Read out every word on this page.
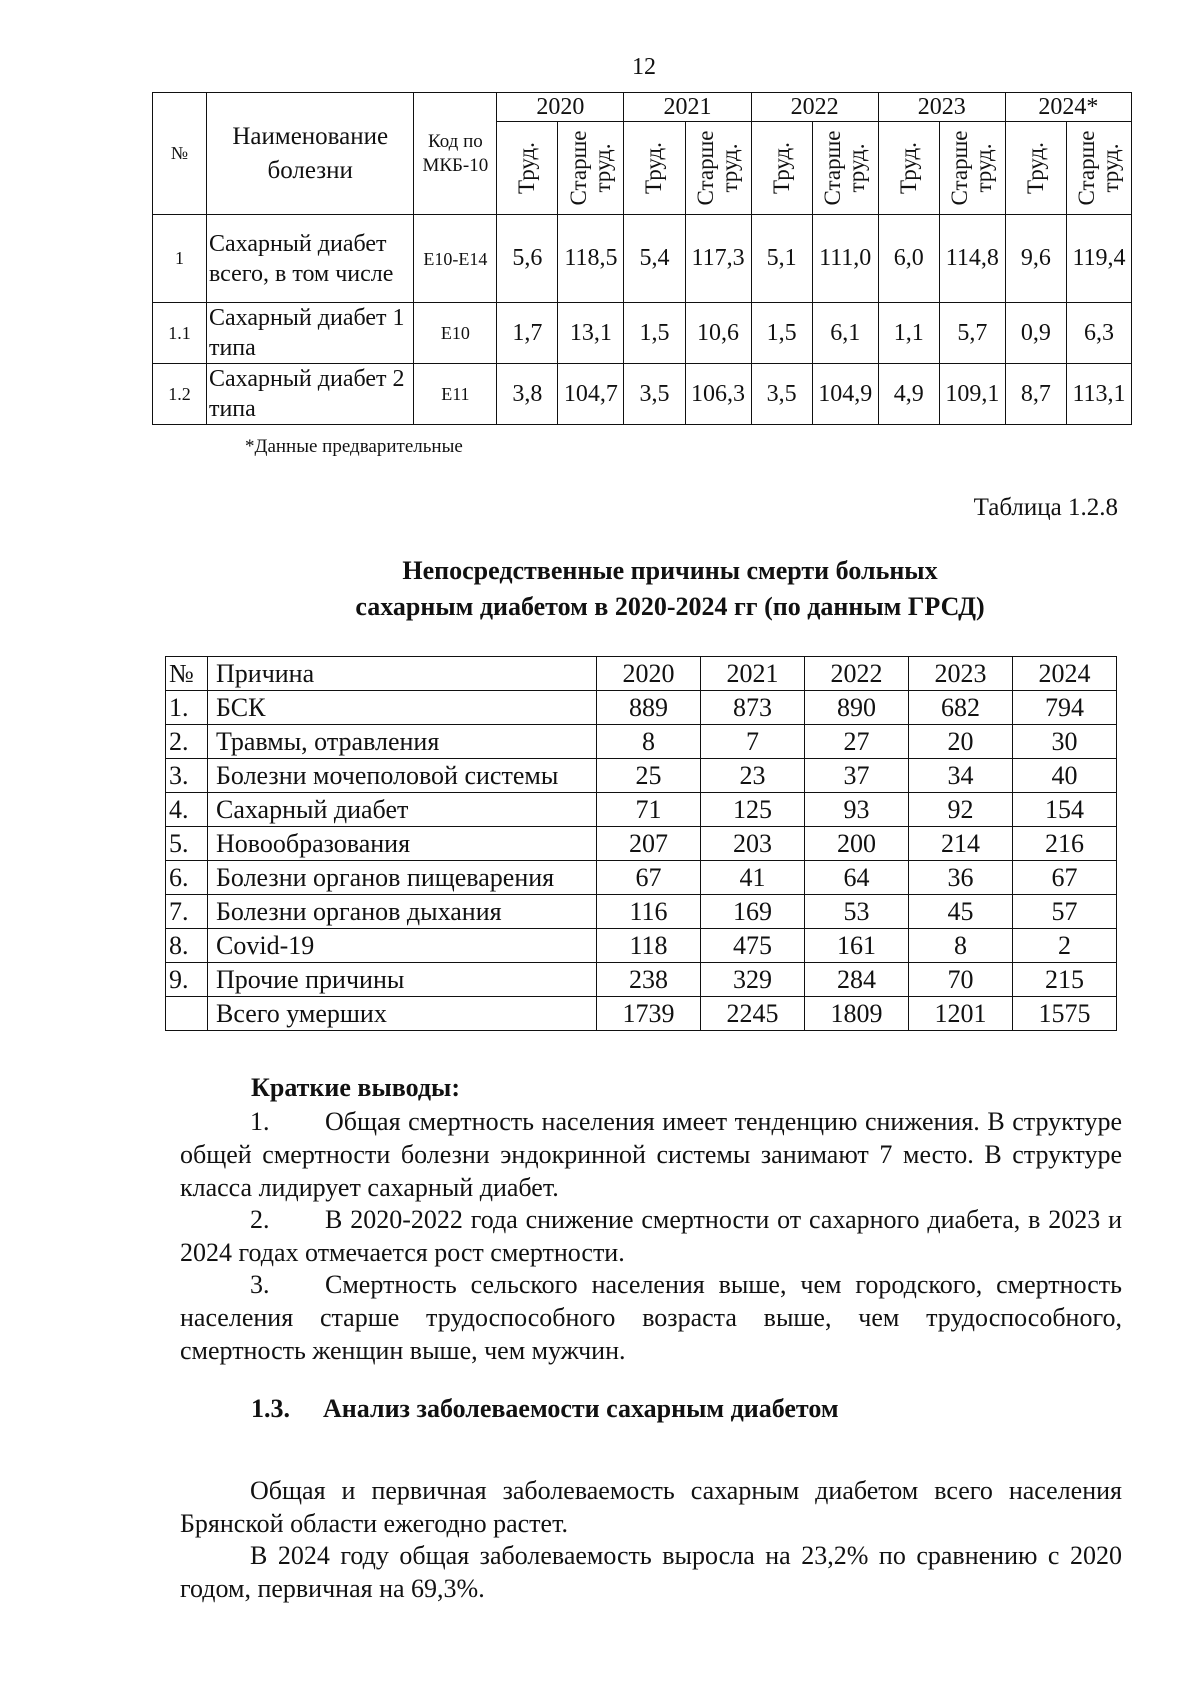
12
№	Наименование болезни	Код по МКБ-10	2020		2021		2022		2023		2024*	

			Труд.	Старше труд.	Труд.	Старше труд.	Труд.	Старше труд.	Труд.	Старше труд.	Труд.	Старше труд.

1	Сахарный диабет всего, в том числе	E10-E14	5,6	118,5	5,4	117,3	5,1	111,0	6,0	114,8	9,6	119,4
1.1	Сахарный диабет 1 типа	E10	1,7	13,1	1,5	10,6	1,5	6,1	1,1	5,7	0,9	6,3
1.2	Сахарный диабет 2 типа	E11	3,8	104,7	3,5	106,3	3,5	104,9	4,9	109,1	8,7	113,1
*Данные предварительные
Таблица 1.2.8
Непосредственные причины смерти больных
сахарным диабетом в 2020-2024 гг (по данным ГРСД)
№	Причина	2020	2021	2022	2023	2024
1.	БСК	889	873	890	682	794
2.	Травмы, отравления	8	7	27	20	30
3.	Болезни мочеполовой системы	25	23	37	34	40
4.	Сахарный диабет	71	125	93	92	154
5.	Новообразования	207	203	200	214	216
6.	Болезни органов пищеварения	67	41	64	36	67
7.	Болезни органов дыхания	116	169	53	45	57
8.	Covid-19	118	475	161	8	2
9.	Прочие причины	238	329	284	70	215
	Всего умерших	1739	2245	1809	1201	1575
Краткие выводы:
1. Общая смертность населения имеет тенденцию снижения. В структуре общей смертности болезни эндокринной системы занимают 7 место. В структуре класса лидирует сахарный диабет.
2. В 2020-2022 года снижение смертности от сахарного диабета, в 2023 и 2024 годах отмечается рост смертности.
3. Смертность сельского населения выше, чем городского, смертность населения старше трудоспособного возраста выше, чем трудоспособного, смертность женщин выше, чем мужчин.
1.3. Анализ заболеваемости сахарным диабетом
Общая и первичная заболеваемость сахарным диабетом всего населения Брянской области ежегодно растет.
В 2024 году общая заболеваемость выросла на 23,2% по сравнению с 2020 годом, первичная на 69,3%.
